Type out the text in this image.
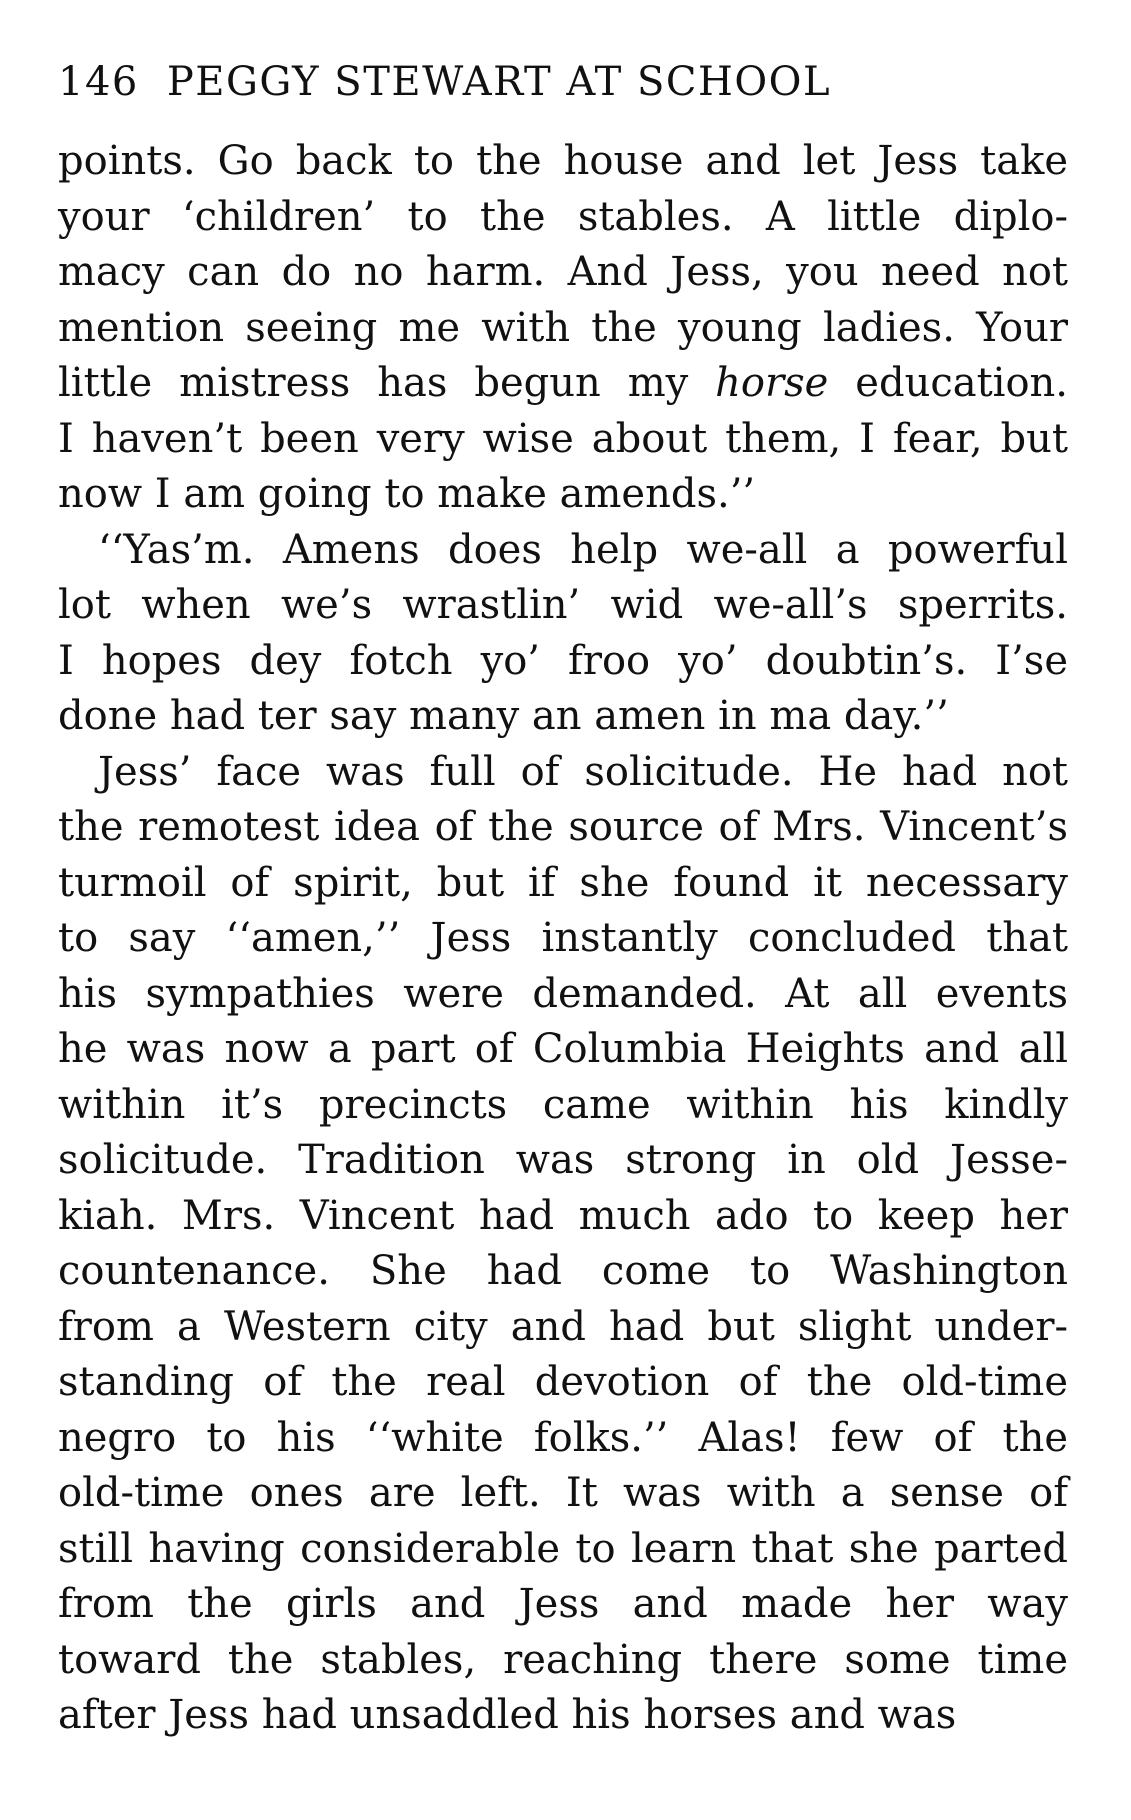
146 PEGGY STEWART AT SCHOOL
points. Go back to the house and let Jess take
your ‘children’ to the stables. A little diplo-
macy can do no harm. And Jess, you need not
mention seeing me with the young ladies. Your
little mistress has begun my horse education.
I haven’t been very wise about them, I fear, but
now I am going to make amends.’’
‘‘Yas’m. Amens does help we-all a powerful
lot when we’s wrastlin’ wid we-all’s sperrits.
I hopes dey fotch yo’ froo yo’ doubtin’s. I’se
done had ter say many an amen in ma day.’’
Jess’ face was full of solicitude. He had not
the remotest idea of the source of Mrs. Vincent’s
turmoil of spirit, but if she found it necessary
to say ‘‘amen,’’ Jess instantly concluded that
his sympathies were demanded. At all events
he was now a part of Columbia Heights and all
within it’s precincts came within his kindly
solicitude. Tradition was strong in old Jesse-
kiah. Mrs. Vincent had much ado to keep her
countenance. She had come to Washington
from a Western city and had but slight under-
standing of the real devotion of the old-time
negro to his ‘‘white folks.’’ Alas! few of the
old-time ones are left. It was with a sense of
still having considerable to learn that she parted
from the girls and Jess and made her way
toward the stables, reaching there some time
after Jess had unsaddled his horses and was
